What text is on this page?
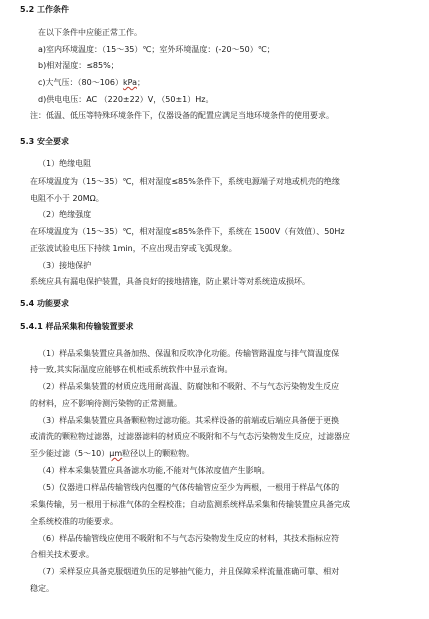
5.2 工作条件
在以下条件中应能正常工作。
a)室内环境温度：（15～35）℃；室外环境温度：(-20～50）℃；
b)相对湿度：≤85%；
c)大气压：（80～106）kPa；
d)供电电压：AC （220±22）V，（50±1）Hz。
注：低温、低压等特殊环境条件下，仪器设备的配置应满足当地环境条件的使用要求。
5.3 安全要求
（1）绝缘电阻
在环境温度为（15～35）℃，相对湿度≤85%条件下，系统电源端子对地或机壳的绝缘
电阻不小于 20MΩ。
（2）绝缘强度
在环境温度为（15～35）℃，相对湿度≤85%条件下，系统在 1500V（有效值）、50Hz
正弦波试验电压下持续 1min，不应出现击穿或飞弧现象。
（3）接地保护
系统应具有漏电保护装置，具备良好的接地措施，防止累计等对系统造成损坏。
5.4 功能要求
5.4.1 样品采集和传输装置要求
（1）样品采集装置应具备加热、保温和反吹净化功能。传输管路温度与排气简温度保
持一致,其实际温度应能够在机柜或系统软件中显示查询。
（2）样品采集装置的材质应选用耐高温、防腐蚀和不吸附、不与气态污染物发生反应
的材料，应不影响待测污染物的正常测量。
（3）样品采集装置应具备颗粒物过滤功能。其采样设备的前端或后端应具备便于更换
或清洗的颗粒物过滤器，过滤器滤料的材质应不吸附和不与气态污染物发生反应，过滤器应
至少能过滤（5～10）μm粒径以上的颗粒物。
（4）样本采集装置应具备滤水功能,不能对气体浓度值产生影响。
（5）仪器进口样品传输管线内包覆的气体传输管应至少为两根，一根用于样品气体的
采集传输，另一根用于标准气体的全程校准；自动监测系统样品采集和传输装置应具备完成
全系统校准的功能要求。
（6）样品传输管线应使用不吸附和不与气态污染物发生反应的材料，其技术指标应符
合相关技术要求。
（7）采样泵应具备克服烟道负压的足够抽气能力，并且保障采样流量准确可靠、相对
稳定。
